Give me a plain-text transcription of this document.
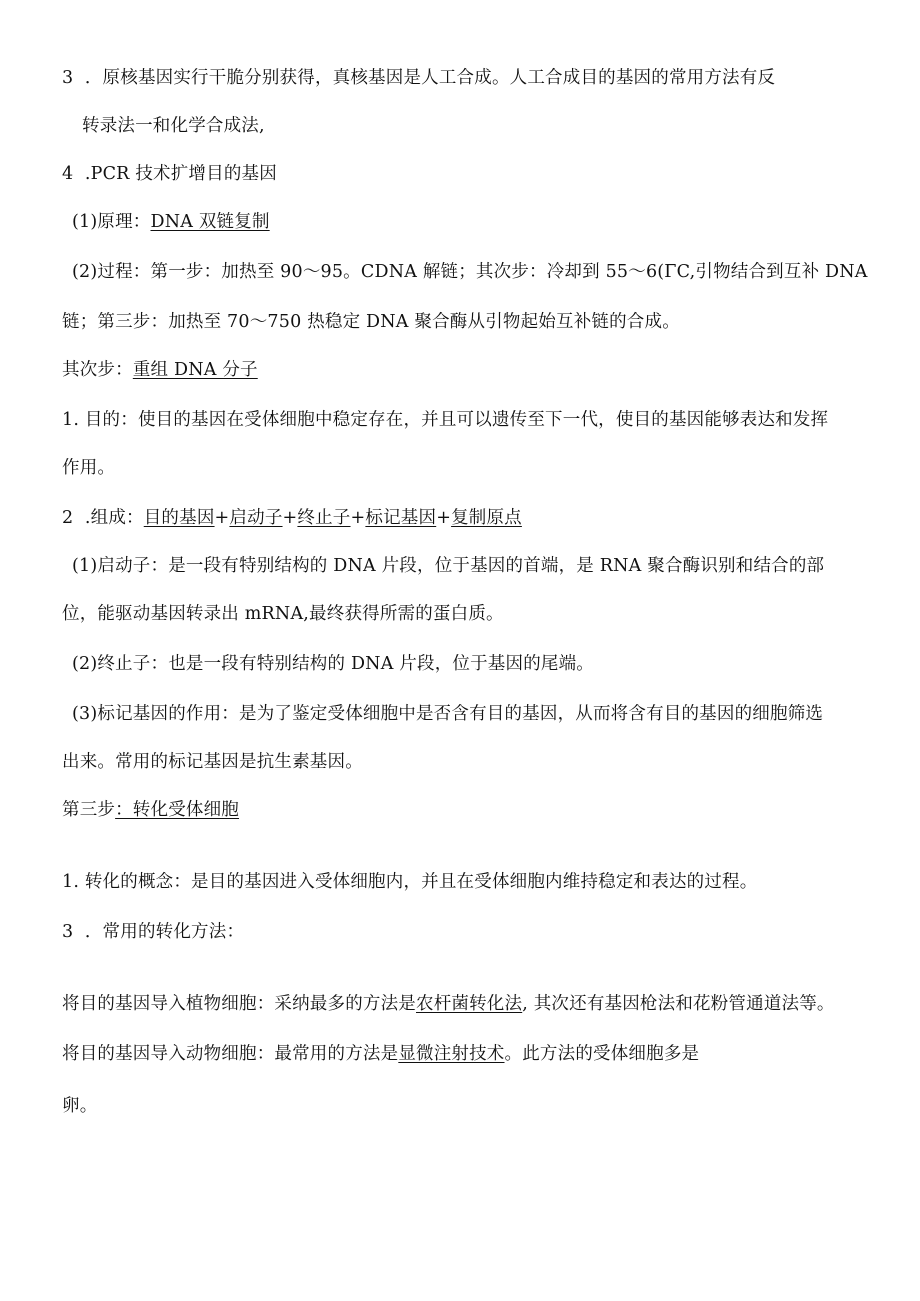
3  ．原核基因实行干脆分别获得，真核基因是人工合成。人工合成目的基因的常用方法有反

转录法一和化学合成法,

4  .PCR 技术扩增目的基因

(1)原理：DNA 双链复制

(2)过程：第一步：加热至 90～95。CDNA 解链；其次步：冷却到 55～6(ΓC,引物结合到互补 DNA

链；第三步：加热至 70～750 热稳定 DNA 聚合酶从引物起始互补链的合成。

其次步：重组 DNA 分子

1. 目的：使目的基因在受体细胞中稳定存在，并且可以遗传至下一代，使目的基因能够表达和发挥

作用。

2  .组成：目的基因+启动子+终止子+标记基因+复制原点

(1)启动子：是一段有特别结构的 DNA 片段，位于基因的首端，是 RNA 聚合酶识别和结合的部

位，能驱动基因转录出 mRNA,最终获得所需的蛋白质。

(2)终止子：也是一段有特别结构的 DNA 片段，位于基因的尾端。

(3)标记基因的作用：是为了鉴定受体细胞中是否含有目的基因，从而将含有目的基因的细胞筛选

出来。常用的标记基因是抗生素基因。

第三步：转化受体细胞

1. 转化的概念：是目的基因进入受体细胞内，并且在受体细胞内维持稳定和表达的过程。

3  ．常用的转化方法：

将目的基因导入植物细胞：采纳最多的方法是农杆菌转化法, 其次还有基因枪法和花粉管通道法等。

将目的基因导入动物细胞：最常用的方法是显微注射技术。此方法的受体细胞多是

卵。
